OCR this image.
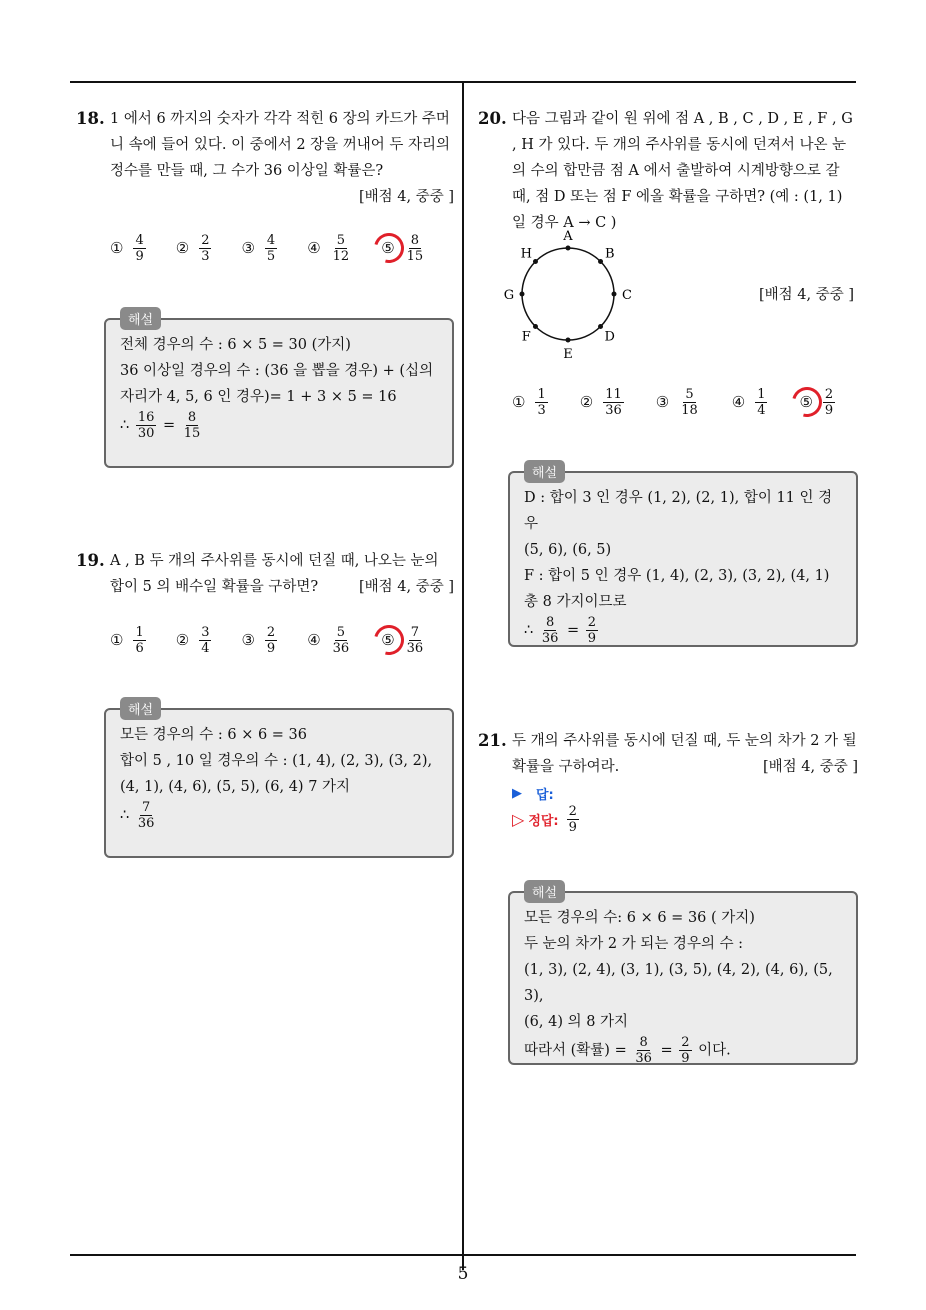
5
18. 1 에서 6 까지의 숫자가 각각 적힌 6 장의 카드가 주머니 속에 들어 있다. 이 중에서 2 장을 꺼내어 두 자리의 정수를 만들 때, 그 수가 36 이상일 확률은?
[배점 4, 중중 ]
① $\frac{4}{9}$ ② $\frac{2}{3}$ ③ $\frac{4}{5}$ ④ $\frac{5}{12}$ ⑤ $\frac{8}{15}$
전체 경우의 수 : 6 × 5 = 30 (가지)
36 이상일 경우의 수 : (36 을 뽑을 경우) + (십의
자리가 4, 5, 6 인 경우)= 1 + 3 × 5 = 16
∴ $\frac{16}{30} = \frac{8}{15}$
해설
19. A , B 두 개의 주사위를 동시에 던질 때, 나오는 눈의 합이 5 의 배수일 확률을 구하면?	[배점 4, 중중 ]
① $\frac{1}{6}$ ② $\frac{3}{4}$ ③ $\frac{2}{9}$ ④ $\frac{5}{36}$ ⑤ $\frac{7}{36}$
모든 경우의 수 : 6 × 6 = 36
합이 5 , 10 일 경우의 수 : (1, 4), (2, 3), (3, 2),
(4, 1), (4, 6), (5, 5), (6, 4) 7 가지
∴ $\frac{7}{36}$
해설
20. 다음 그림과 같이 원 위에 점 A , B , C , D , E , F , G , H 가 있다. 두 개의 주사위를 동시에 던져서 나온 눈의 수의 합만큼 점 A 에서 출발하여 시계방향으로 갈 때, 점 D 또는 점 F 에올 확률을 구하면? (예 : (1, 1) 일 경우 A → C )
A
B
C
D
E
F
G
H
[배점 4, 중중 ]
① $\frac{1}{3}$ ② $\frac{11}{36}$ ③ $\frac{5}{18}$ ④ $\frac{1}{4}$ ⑤ $\frac{2}{9}$
D : 합이 3 인 경우 (1, 2), (2, 1), 합이 11 인 경우
(5, 6), (6, 5)
F : 합이 5 인 경우 (1, 4), (2, 3), (3, 2), (4, 1)
총 8 가지이므로
∴ $\frac{8}{36} = \frac{2}{9}$
해설
21. 두 개의 주사위를 동시에 던질 때, 두 눈의 차가 2 가 될 확률을 구하여라.	[배점 4, 중중 ]
▶ 답:
▷ 정답: $\frac{2}{9}$
모든 경우의 수: 6 × 6 = 36 ( 가지)
두 눈의 차가 2 가 되는 경우의 수 :
(1, 3), (2, 4), (3, 1), (3, 5), (4, 2), (4, 6), (5, 3),
(6, 4) 의 8 가지
따라서 (확률) = $\frac{8}{36} = \frac{2}{9}$ 이다.
해설
